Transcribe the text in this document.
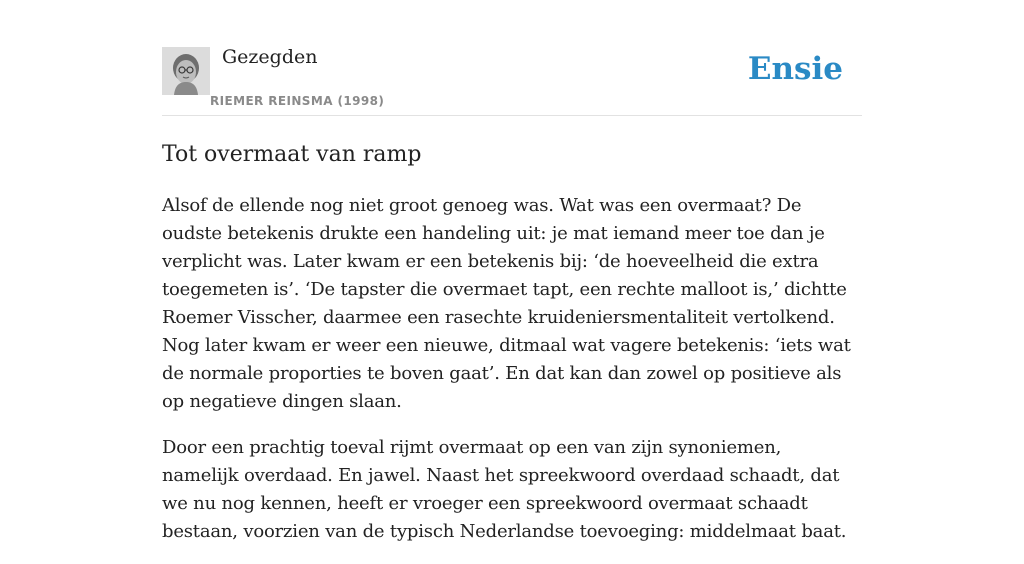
Gezegden
RIEMER REINSMA (1998)
Ensie
Tot overmaat van ramp

Alsof de ellende nog niet groot genoeg was. Wat was een overmaat? De oudste betekenis drukte een handeling uit: je mat iemand meer toe dan je verplicht was. Later kwam er een betekenis bij: ‘de hoeveelheid die extra toegemeten is’. ‘De tapster die overmaet tapt, een rechte malloot is,’ dichtte Roemer Visscher, daarmee een rasechte kruideniersmentaliteit vertolkend. Nog later kwam er weer een nieuwe, ditmaal wat vagere betekenis: ‘iets wat de normale proporties te boven gaat’. En dat kan dan zowel op positieve als op negatieve dingen slaan.

Door een prachtig toeval rijmt overmaat op een van zijn synoniemen, namelijk overdaad. En jawel. Naast het spreekwoord overdaad schaadt, dat we nu nog kennen, heeft er vroeger een spreekwoord overmaat schaadt bestaan, voorzien van de typisch Nederlandse toevoeging: middelmaat baat.
